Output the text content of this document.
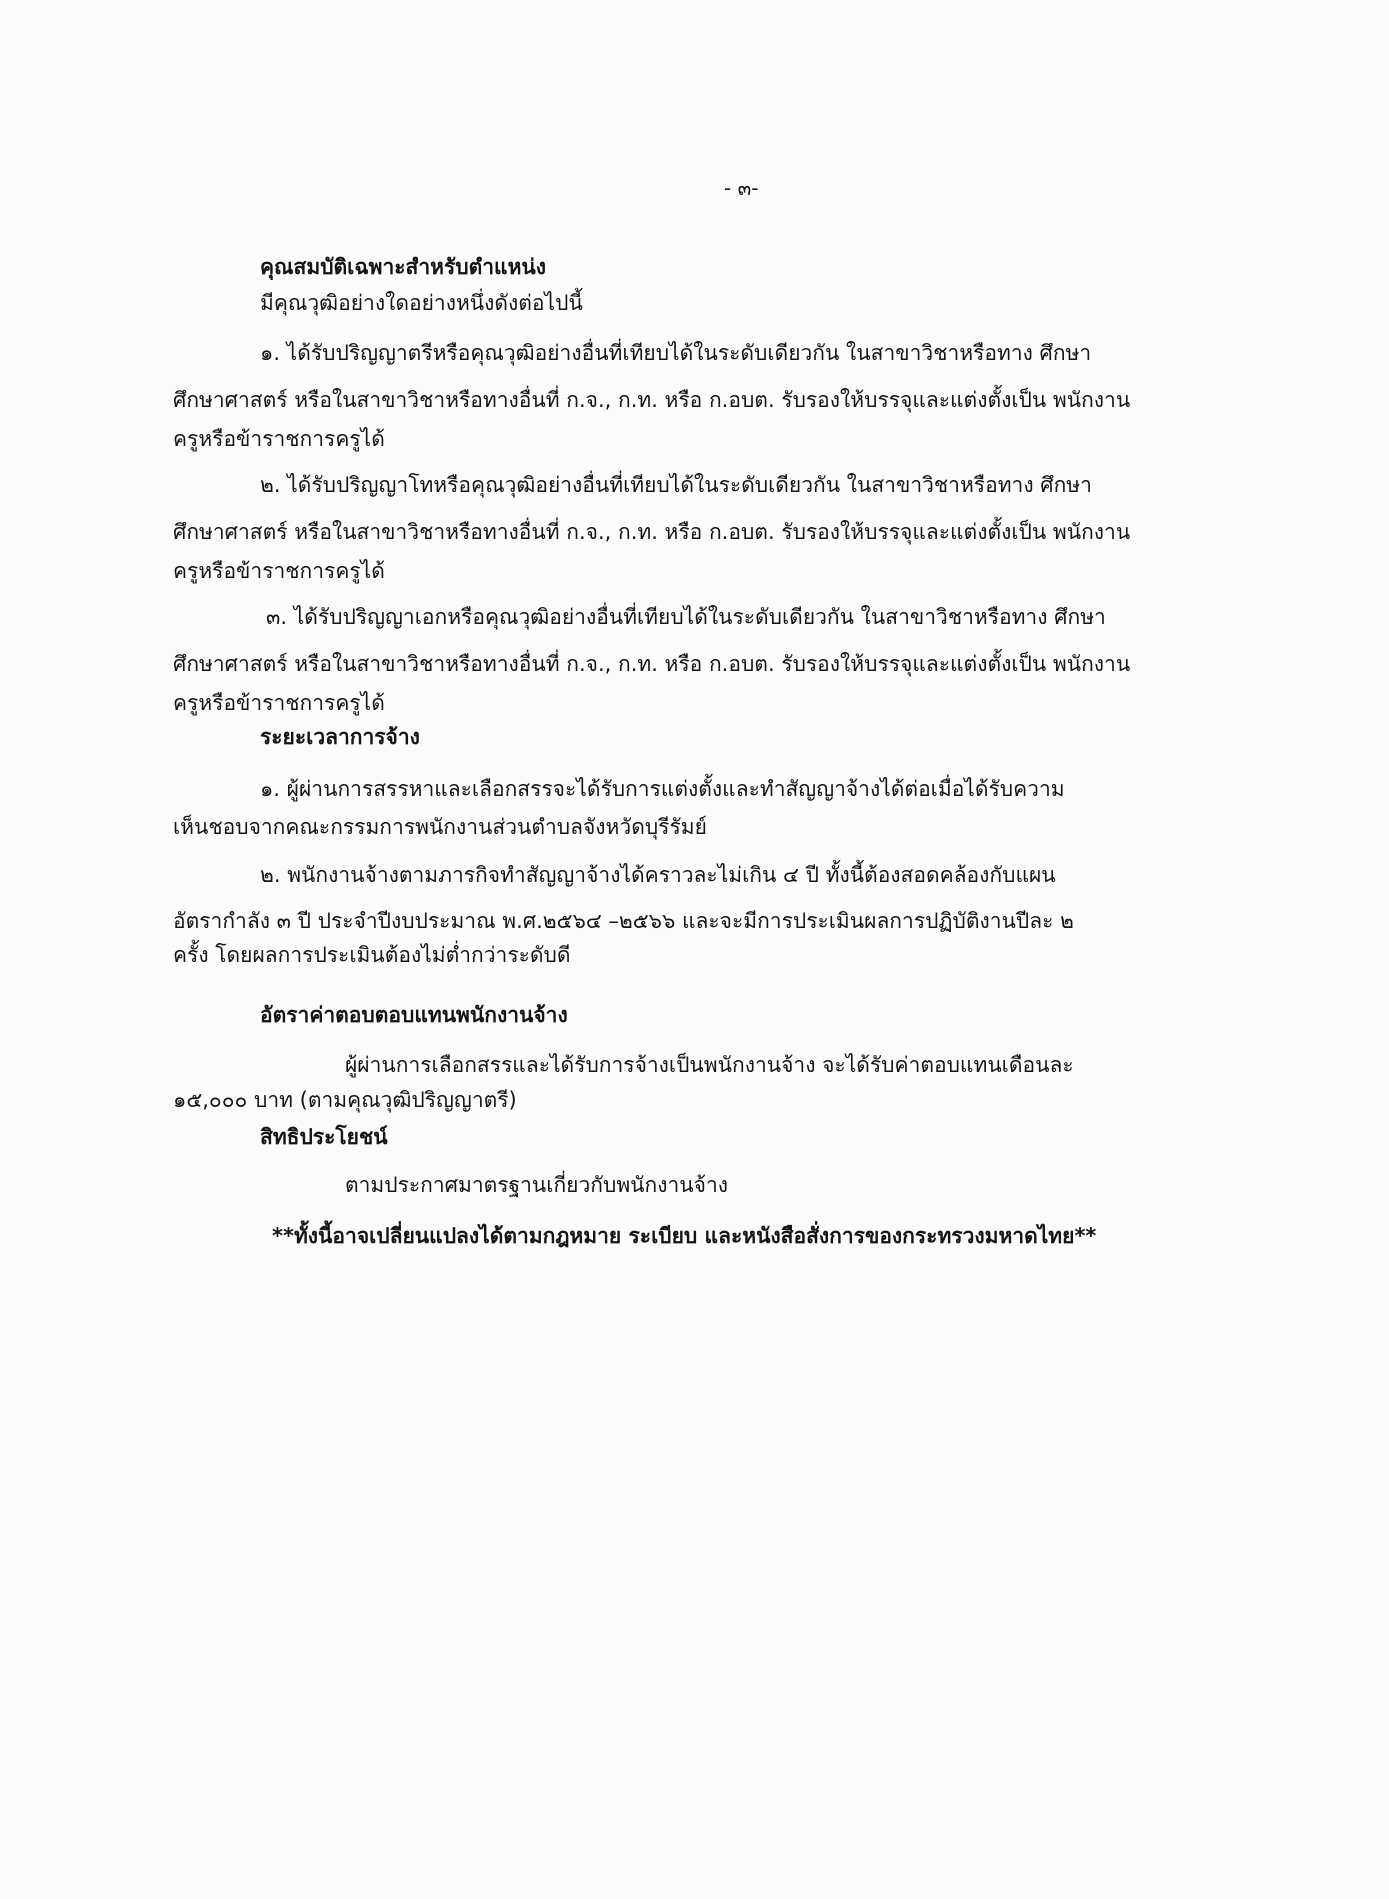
- ๓-
คุณสมบัติเฉพาะสำหรับตำแหน่ง
มีคุณวุฒิอย่างใดอย่างหนึ่งดังต่อไปนี้
๑. ได้รับปริญญาตรีหรือคุณวุฒิอย่างอื่นที่เทียบได้ในระดับเดียวกัน ในสาขาวิชาหรือทาง ศึกษา
ศึกษาศาสตร์ หรือในสาขาวิชาหรือทางอื่นที่ ก.จ., ก.ท. หรือ ก.อบต. รับรองให้บรรจุและแต่งตั้งเป็น พนักงาน
ครูหรือข้าราชการครูได้
๒. ได้รับปริญญาโทหรือคุณวุฒิอย่างอื่นที่เทียบได้ในระดับเดียวกัน ในสาขาวิชาหรือทาง ศึกษา
ศึกษาศาสตร์ หรือในสาขาวิชาหรือทางอื่นที่ ก.จ., ก.ท. หรือ ก.อบต. รับรองให้บรรจุและแต่งตั้งเป็น พนักงาน
ครูหรือข้าราชการครูได้
๓. ได้รับปริญญาเอกหรือคุณวุฒิอย่างอื่นที่เทียบได้ในระดับเดียวกัน ในสาขาวิชาหรือทาง ศึกษา
ศึกษาศาสตร์ หรือในสาขาวิชาหรือทางอื่นที่ ก.จ., ก.ท. หรือ ก.อบต. รับรองให้บรรจุและแต่งตั้งเป็น พนักงาน
ครูหรือข้าราชการครูได้
ระยะเวลาการจ้าง
๑. ผู้ผ่านการสรรหาและเลือกสรรจะได้รับการแต่งตั้งและทำสัญญาจ้างได้ต่อเมื่อได้รับความ
เห็นชอบจากคณะกรรมการพนักงานส่วนตำบลจังหวัดบุรีรัมย์
๒. พนักงานจ้างตามภารกิจทำสัญญาจ้างได้คราวละไม่เกิน ๔ ปี ทั้งนี้ต้องสอดคล้องกับแผน
อัตรากำลัง ๓ ปี ประจำปีงบประมาณ พ.ศ.๒๕๖๔ –๒๕๖๖ และจะมีการประเมินผลการปฏิบัติงานปีละ ๒
ครั้ง โดยผลการประเมินต้องไม่ต่ำกว่าระดับดี
อัตราค่าตอบตอบแทนพนักงานจ้าง
ผู้ผ่านการเลือกสรรและได้รับการจ้างเป็นพนักงานจ้าง จะได้รับค่าตอบแทนเดือนละ
๑๕,๐๐๐ บาท (ตามคุณวุฒิปริญญาตรี)
สิทธิประโยชน์
ตามประกาศมาตรฐานเกี่ยวกับพนักงานจ้าง
**ทั้งนี้อาจเปลี่ยนแปลงได้ตามกฎหมาย ระเบียบ และหนังสือสั่งการของกระทรวงมหาดไทย**
